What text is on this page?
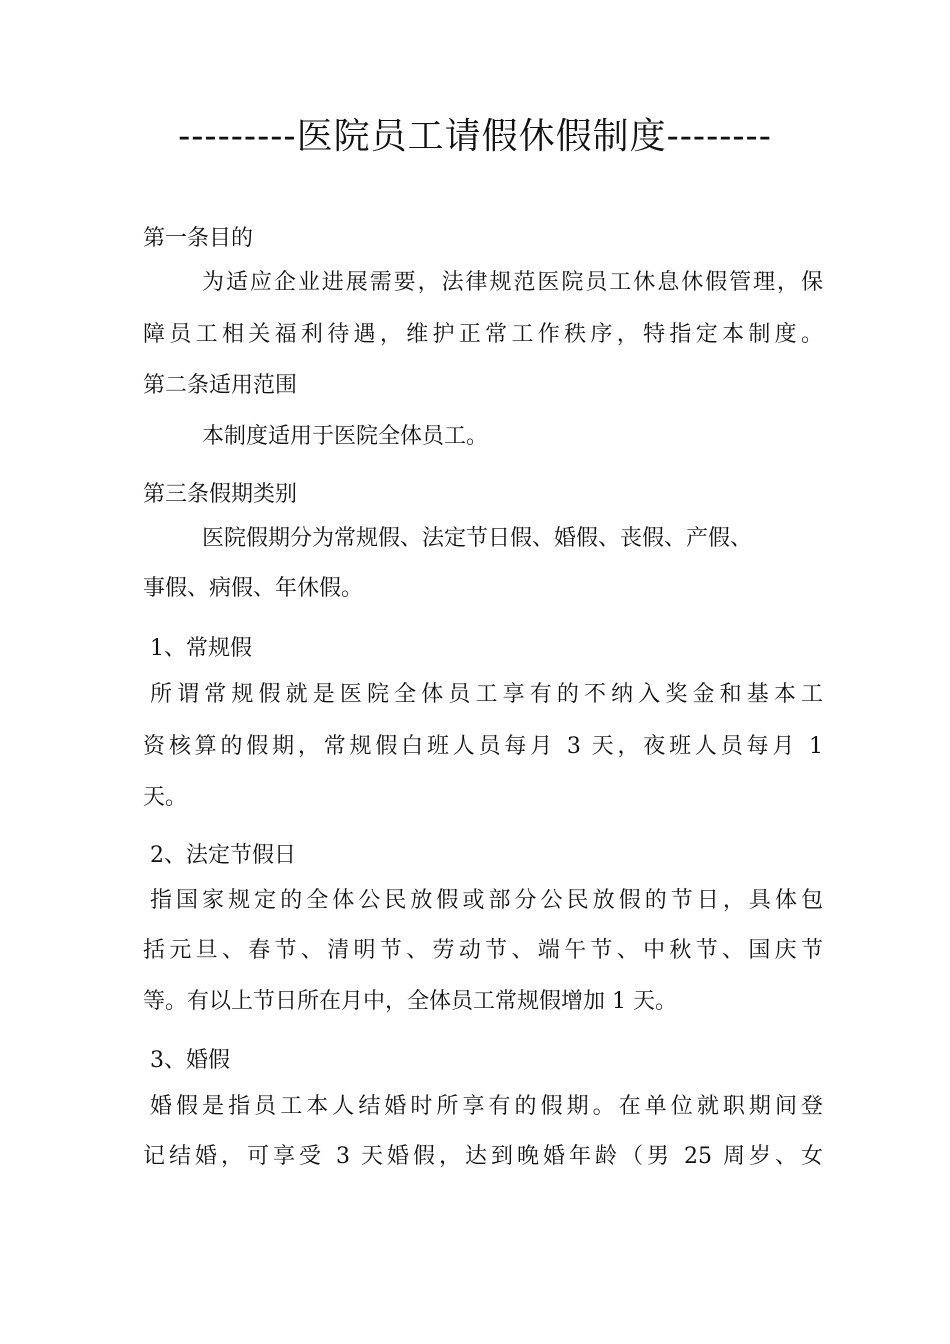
---------医院员工请假休假制度--------
第一条目的
为适应企业进展需要，法律规范医院员工休息休假管理，保
障员工相关福利待遇，维护正常工作秩序，特指定本制度。
第二条适用范围
本制度适用于医院全体员工。
第三条假期类别
医院假期分为常规假、法定节日假、婚假、丧假、产假、
事假、病假、年休假。
1、常规假
所谓常规假就是医院全体员工享有的不纳入奖金和基本工
资核算的假期，常规假白班人员每月 3 天，夜班人员每月 1
天。
2、法定节假日
指国家规定的全体公民放假或部分公民放假的节日，具体包
括元旦、春节、清明节、劳动节、端午节、中秋节、国庆节
等。有以上节日所在月中，全体员工常规假增加 1 天。
3、婚假
婚假是指员工本人结婚时所享有的假期。在单位就职期间登
记结婚，可享受 3 天婚假，达到晚婚年龄（男 25 周岁、女
